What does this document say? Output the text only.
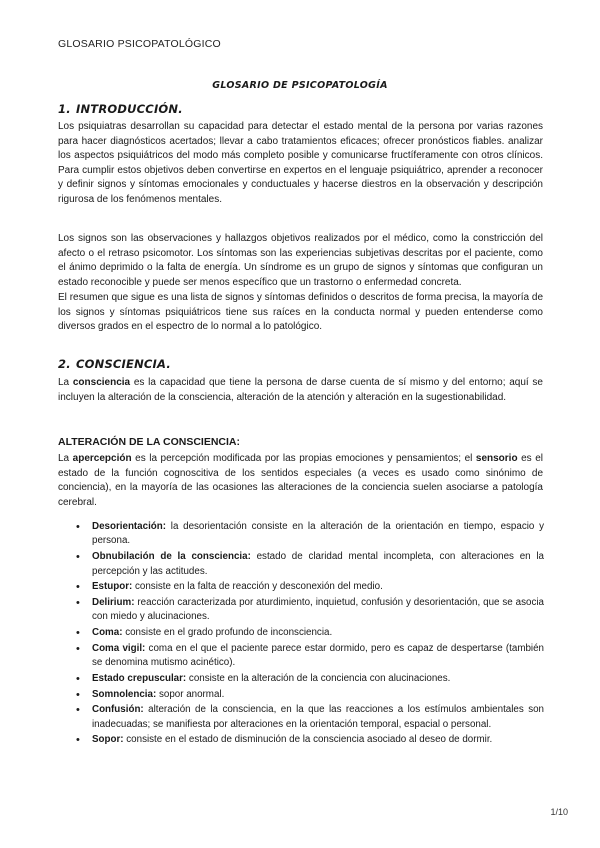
GLOSARIO PSICOPATOLÓGICO
GLOSARIO DE PSICOPATOLOGÍA
1. INTRODUCCIÓN.

Los psiquiatras desarrollan su capacidad para detectar el estado mental de la persona por varias razones para hacer diagnósticos acertados; llevar a cabo tratamientos eficaces; ofrecer pronósticos fiables. analizar los aspectos psiquiátricos del modo más completo posible y comunicarse fructíferamente con otros clínicos. Para cumplir estos objetivos deben convertirse en expertos en el lenguaje psiquiátrico, aprender a reconocer y definir signos y síntomas emocionales y conductuales y hacerse diestros en la observación y descripción rigurosa de los fenómenos mentales.

Los signos son las observaciones y hallazgos objetivos realizados por el médico, como la constricción del afecto o el retraso psicomotor. Los síntomas son las experiencias subjetivas descritas por el paciente, como el ánimo deprimido o la falta de energía. Un síndrome es un grupo de signos y síntomas que configuran un estado reconocible y puede ser menos específico que un trastorno o enfermedad concreta.

El resumen que sigue es una lista de signos y síntomas definidos o descritos de forma precisa, la mayoría de los signos y síntomas psiquiátricos tiene sus raíces en la conducta normal y pueden entenderse como diversos grados en el espectro de lo normal a lo patológico.

2. CONSCIENCIA.

La consciencia es la capacidad que tiene la persona de darse cuenta de sí mismo y del entorno; aquí se incluyen la alteración de la consciencia, alteración de la atención y alteración en la sugestionabilidad.

ALTERACIÓN DE LA CONSCIENCIA:

La apercepción es la percepción modificada por las propias emociones y pensamientos; el sensorio es el estado de la función cognoscitiva de los sentidos especiales (a veces es usado como sinónimo de conciencia), en la mayoría de las ocasiones las alteraciones de la conciencia suelen asociarse a patología cerebral.

• Desorientación: la desorientación consiste en la alteración de la orientación en tiempo, espacio y persona.
• Obnubilación de la consciencia: estado de claridad mental incompleta, con alteraciones en la percepción y las actitudes.
• Estupor: consiste en la falta de reacción y desconexión del medio.
• Delirium: reacción caracterizada por aturdimiento, inquietud, confusión y desorientación, que se asocia con miedo y alucinaciones.
• Coma: consiste en el grado profundo de inconsciencia.
• Coma vigil: coma en el que el paciente parece estar dormido, pero es capaz de despertarse (también se denomina mutismo acinético).
• Estado crepuscular: consiste en la alteración de la conciencia con alucinaciones.
• Somnolencia: sopor anormal.
• Confusión: alteración de la consciencia, en la que las reacciones a los estímulos ambientales son inadecuadas; se manifiesta por alteraciones en la orientación temporal, espacial o personal.
• Sopor: consiste en el estado de disminución de la consciencia asociado al deseo de dormir.
1/10
